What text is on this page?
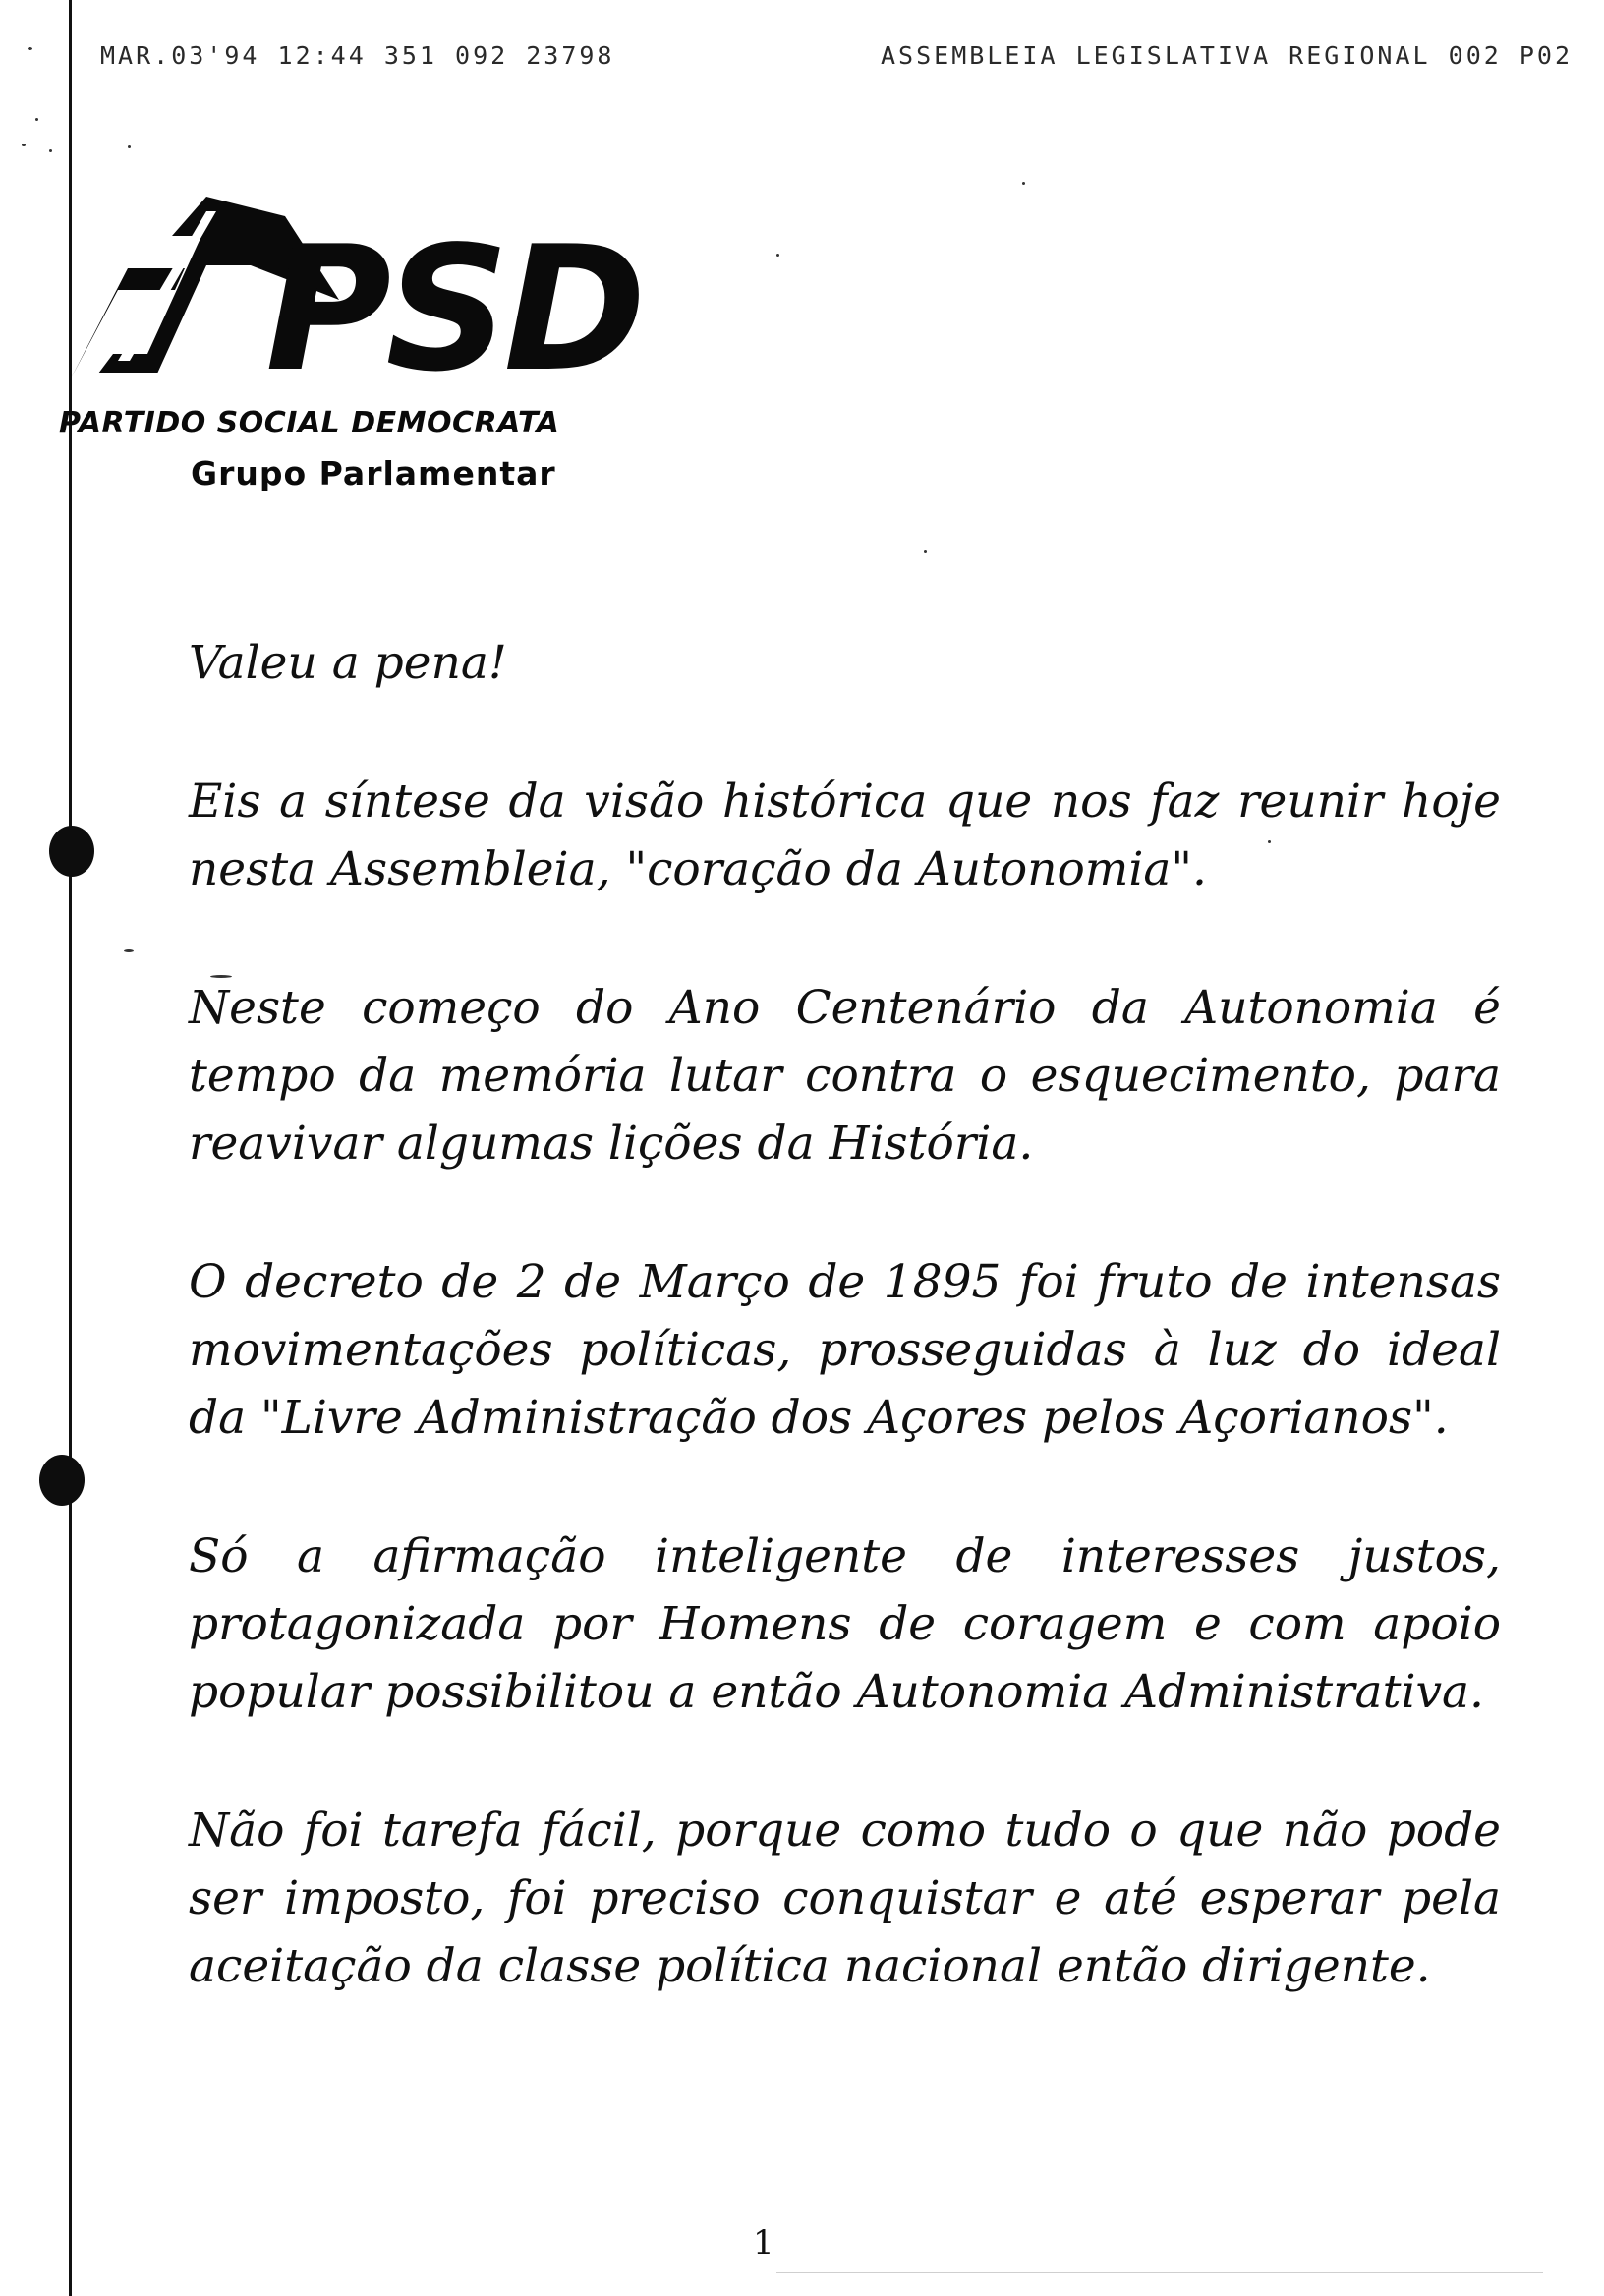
MAR.03'94 12:44 351 092 23798	ASSEMBLEIA LEGISLATIVA REGIONAL 002 P02
PSD
PARTIDO SOCIAL DEMOCRATA
Grupo Parlamentar

Valeu a pena!

Eis a síntese da visão histórica que nos faz reunir hoje nesta Assembleia, "coração da Autonomia".

Neste começo do Ano Centenário da Autonomia é tempo da memória lutar contra o esquecimento, para reavivar algumas lições da História.

O decreto de 2 de Março de 1895 foi fruto de intensas movimentações políticas, prosseguidas à luz do ideal da "Livre Administração dos Açores pelos Açorianos".

Só a afirmação inteligente de interesses justos, protagonizada por Homens de coragem e com apoio popular possibilitou a então Autonomia Administrativa.

Não foi tarefa fácil, porque como tudo o que não pode ser imposto, foi preciso conquistar e até esperar pela aceitação da classe política nacional então dirigente.

1
